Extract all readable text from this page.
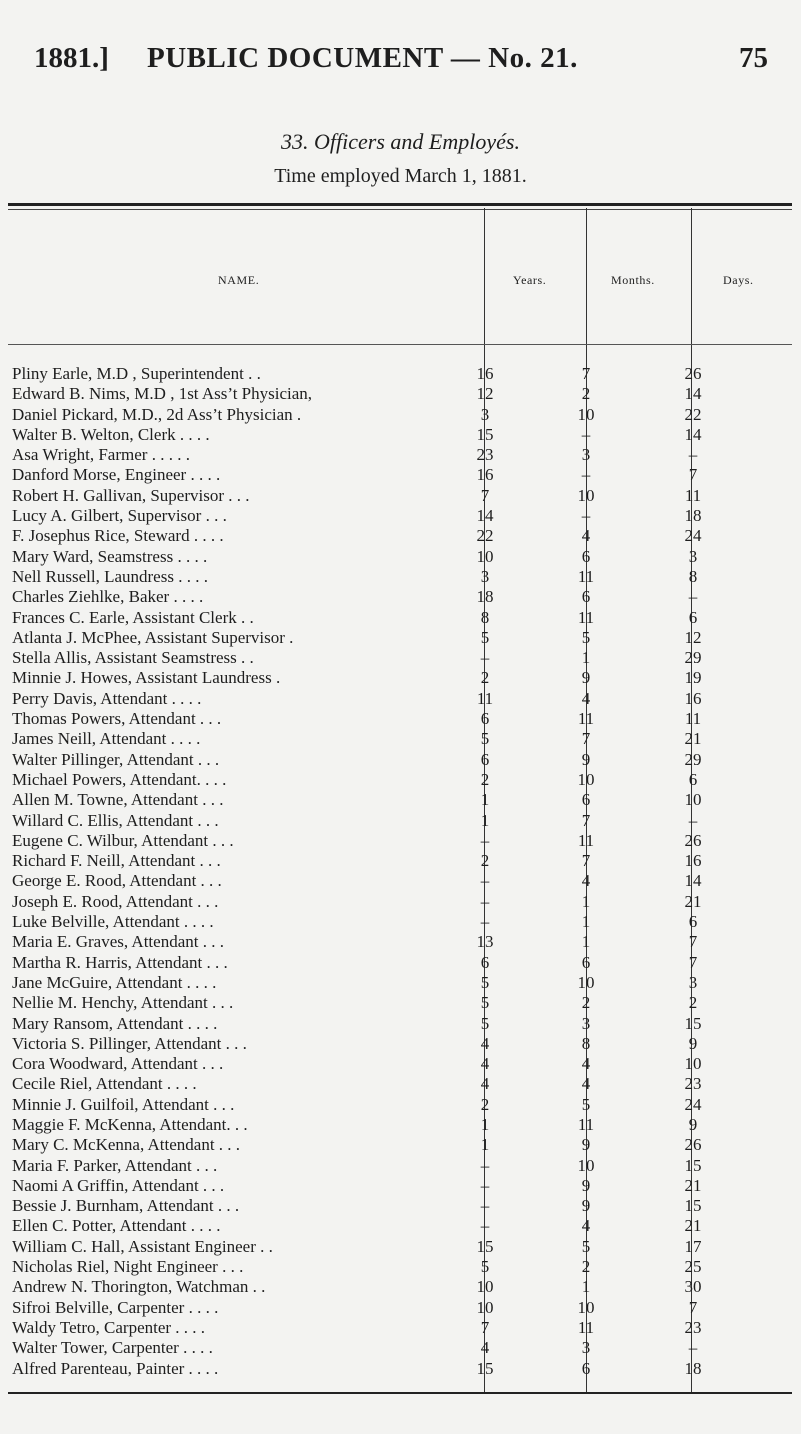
1881.] PUBLIC DOCUMENT — No. 21.	75
33. Officers and Employés.
Time employed March 1, 1881.
NAME.	Years.	Months.	Days.
Pliny Earle, M.D , Superintendent . .	16	7	26
Edward B. Nims, M.D , 1st Ass’t Physician,	12	2	14
Daniel Pickard, M.D., 2d Ass’t Physician .	3	10	22
Walter B. Welton, Clerk . . . .	15	–	14
Asa Wright, Farmer . . . . .	23	3	–
Danford Morse, Engineer . . . .	16	–	7
Robert H. Gallivan, Supervisor . . .	7	10	11
Lucy A. Gilbert, Supervisor . . .	14	–	18
F. Josephus Rice, Steward . . . .	22	4	24
Mary Ward, Seamstress . . . .	10	6	3
Nell Russell, Laundress . . . .	3	11	8
Charles Ziehlke, Baker . . . .	18	6	–
Frances C. Earle, Assistant Clerk . .	8	11	6
Atlanta J. McPhee, Assistant Supervisor .	5	5	12
Stella Allis, Assistant Seamstress . .	–	1	29
Minnie J. Howes, Assistant Laundress .	2	9	19
Perry Davis, Attendant . . . .	11	4	16
Thomas Powers, Attendant . . .	6	11	11
James Neill, Attendant . . . .	5	7	21
Walter Pillinger, Attendant . . .	6	9	29
Michael Powers, Attendant. . . .	2	10	6
Allen M. Towne, Attendant . . .	1	6	10
Willard C. Ellis, Attendant . . .	1	7	–
Eugene C. Wilbur, Attendant . . .	–	11	26
Richard F. Neill, Attendant . . .	2	7	16
George E. Rood, Attendant . . .	–	4	14
Joseph E. Rood, Attendant . . .	–	1	21
Luke Belville, Attendant . . . .	–	1	6
Maria E. Graves, Attendant . . .	13	1	7
Martha R. Harris, Attendant . . .	6	6	7
Jane McGuire, Attendant . . . .	5	10	3
Nellie M. Henchy, Attendant . . .	5	2	2
Mary Ransom, Attendant . . . .	5	3	15
Victoria S. Pillinger, Attendant . . .	4	8	9
Cora Woodward, Attendant . . .	4	4	10
Cecile Riel, Attendant . . . .	4	4	23
Minnie J. Guilfoil, Attendant . . .	2	5	24
Maggie F. McKenna, Attendant. . .	1	11	9
Mary C. McKenna, Attendant . . .	1	9	26
Maria F. Parker, Attendant . . .	–	10	15
Naomi A Griffin, Attendant . . .	–	9	21
Bessie J. Burnham, Attendant . . .	–	9	15
Ellen C. Potter, Attendant . . . .	–	4	21
William C. Hall, Assistant Engineer . .	15	5	17
Nicholas Riel, Night Engineer . . .	5	2	25
Andrew N. Thorington, Watchman . .	10	1	30
Sifroi Belville, Carpenter . . . .	10	10	7
Waldy Tetro, Carpenter . . . .	7	11	23
Walter Tower, Carpenter . . . .	4	3	–
Alfred Parenteau, Painter . . . .	15	6	18
